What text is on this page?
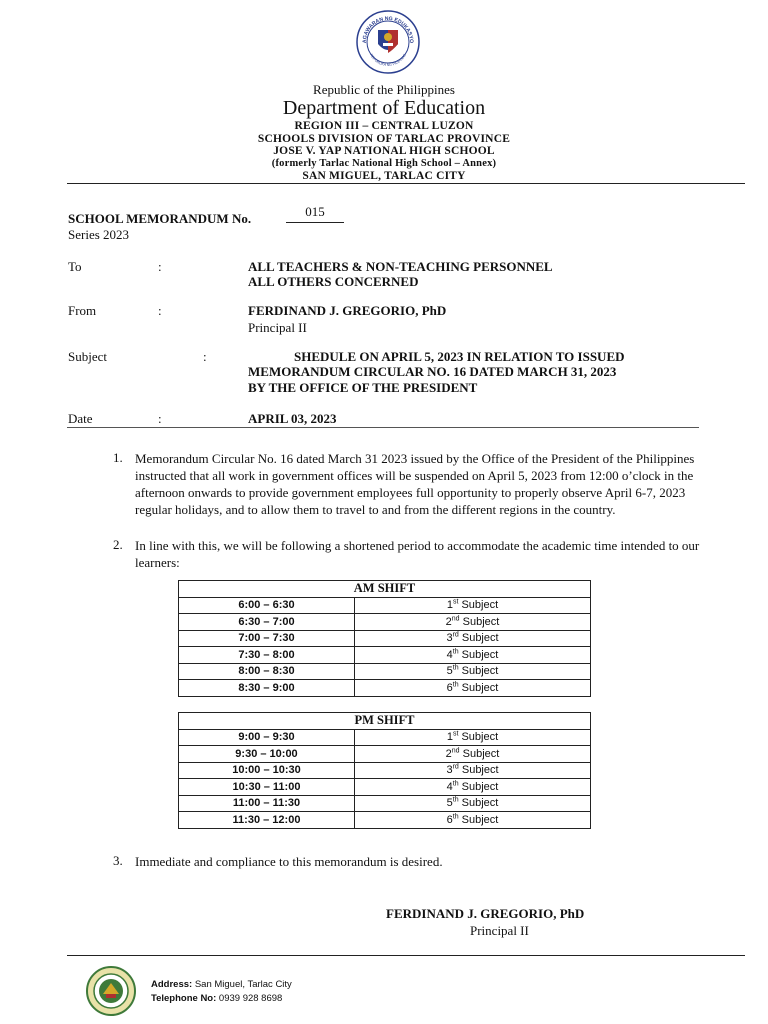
AGAWARAN NG EDUKASYO
REPUBLIKA NG PILIPINAS
Republic of the Philippines
Department of Education
REGION III – CENTRAL LUZON
SCHOOLS DIVISION OF TARLAC PROVINCE
JOSE V. YAP NATIONAL HIGH SCHOOL
(formerly Tarlac National High School – Annex)
SAN MIGUEL, TARLAC CITY
SCHOOL MEMORANDUM No.	015
Series 2023
To	:	ALL TEACHERS & NON-TEACHING PERSONNEL
ALL OTHERS CONCERNED
From	:	FERDINAND J. GREGORIO, PhD
Principal II
Subject	:	SHEDULE ON APRIL 5, 2023 IN RELATION TO ISSUED
MEMORANDUM CIRCULAR NO. 16 DATED MARCH 31, 2023
BY THE OFFICE OF THE PRESIDENT
Date	:	APRIL 03, 2023
1. Memorandum Circular No. 16 dated March 31 2023 issued by the Office of the President of the Philippines instructed that all work in government offices will be suspended on April 5, 2023 from 12:00 o’clock in the afternoon onwards to provide government employees full opportunity to properly observe April 6-7, 2023 regular holidays, and to allow them to travel to and from the different regions in the country.
2. In line with this, we will be following a shortened period to accommodate the academic time intended to our learners:
AM SHIFT	
6:00 – 6:30	1st Subject
6:30 – 7:00	2nd Subject
7:00 – 7:30	3rd Subject
7:30 – 8:00	4th Subject
8:00 – 8:30	5th Subject
8:30 – 9:00	6th Subject
PM SHIFT	
9:00 – 9:30	1st Subject
9:30 – 10:00	2nd Subject
10:00 – 10:30	3rd Subject
10:30 – 11:00	4th Subject
11:00 – 11:30	5th Subject
11:30 – 12:00	6th Subject
3. Immediate and compliance to this memorandum is desired.
FERDINAND J. GREGORIO, PhD
Principal II
Address: San Miguel, Tarlac City
Telephone No: 0939 928 8698
